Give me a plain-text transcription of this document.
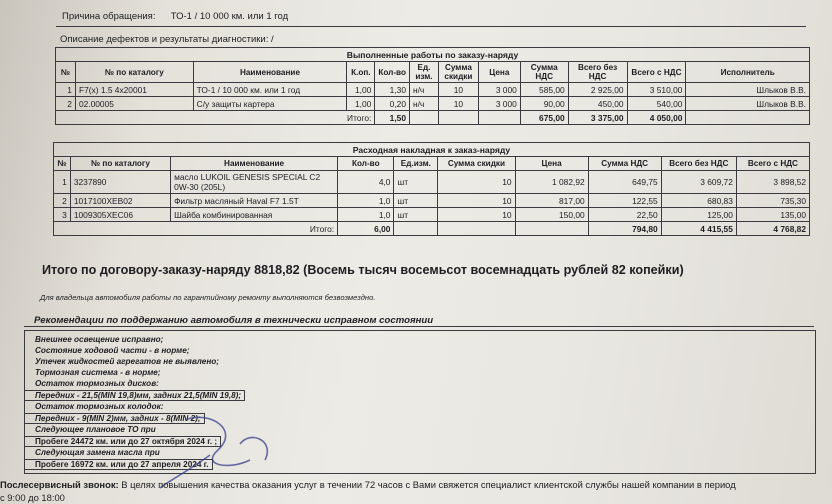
Причина обращения: ТО-1 / 10 000 км. или 1 год
Описание дефектов и результаты диагностики: /
Выполненные работы по заказу-наряду											
№	№ по каталогу	Наименование	К.оп.	Кол-во	Ед. изм.	Сумма скидки	Цена	Сумма НДС	Всего без НДС	Всего с НДС	Исполнитель
1	F7(x) 1.5 4x20001	ТО-1 / 10 000 км. или 1 год	1,00	1,30	н/ч	10	3 000	585,00	2 925,00	3 510,00	Шлыков В.В.
2	02.00005	С/у защиты картера	1,00	0,20	н/ч	10	3 000	90,00	450,00	540,00	Шлыков В.В.
Итого:				1,50				675,00	3 375,00	4 050,00	
Расходная накладная к заказ-наряду									
№	№ по каталогу	Наименование	Кол-во	Ед.изм.	Сумма скидки	Цена	Сумма НДС	Всего без НДС	Всего с НДС
1	3237890	масло LUKOIL GENESIS SPECIAL C2
0W-30 (205L)	4,0	шт	10	1 082,92	649,75	3 609,72	3 898,52
2	1017100XEB02	Фильтр масляный Haval F7 1.5T	1,0	шт	10	817,00	122,55	680,83	735,30
3	1009305XEC06	Шайба комбинированная	1,0	шт	10	150,00	22,50	125,00	135,00
Итого:			6,00				794,80	4 415,55	4 768,82
Итого по договору-заказу-наряду 8818,82 (Восемь тысяч восемьсот восемнадцать рублей 82 копейки)
Для владельца автомобиля работы по гарантийному ремонту выполняются безвозмездно.
Рекомендации по поддержанию автомобиля в технически исправном состоянии
Внешнее освещение исправно;
Состояние ходовой части - в норме;
Утечек жидкостей агрегатов не выявлено;
Тормозная система - в норме;
Остаток тормозных дисков:
Передних - 21,5(MIN 19,8)мм, задних 21,5(MIN 19,8);
Остаток тормозных колодок:
Передних - 9(MIN 2)мм, задних - 8(MIN 2);
Следующее плановое ТО при
Пробеге 24472 км. или до 27 октября 2024 г. ;
Следующая замена масла при
Пробеге 16972 км. или до 27 апреля 2024 г.
Послесервисный звонок: В целях повышения качества оказания услуг в течении 72 часов с Вами свяжется специалист клиентской службы нашей компании в период
с 9:00 до 18:00
